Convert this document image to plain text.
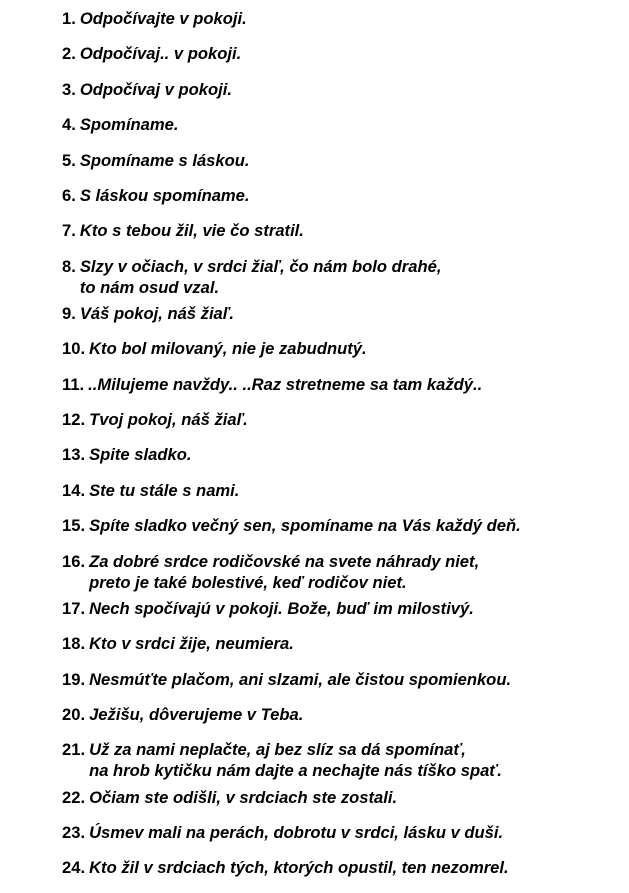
1. Odpočívajte v pokoji.
2. Odpočívaj.. v pokoji.
3. Odpočívaj v pokoji.
4. Spomíname.
5. Spomíname s láskou.
6. S láskou spomíname.
7. Kto s tebou žil, vie čo stratil.
8. Slzy v očiach, v srdci žiaľ, čo nám bolo drahé,
to nám osud vzal.
9. Váš pokoj, náš žiaľ.
10. Kto bol milovaný, nie je zabudnutý.
11. ..Milujeme navždy.. ..Raz stretneme sa tam každý..
12. Tvoj pokoj, náš žiaľ.
13. Spite sladko.
14. Ste tu stále s nami.
15. Spíte sladko večný sen, spomíname na Vás každý deň.
16. Za dobré srdce rodičovské na svete náhrady niet,
preto je také bolestivé, keď rodičov niet.
17. Nech spočívajú v pokoji. Bože, buď im milostivý.
18. Kto v srdci žije, neumiera.
19. Nesmúťte plačom, ani slzami, ale čistou spomienkou.
20. Ježišu, dôverujeme v Teba.
21. Už za nami neplačte, aj bez slíz sa dá spomínať,
na hrob kytičku nám dajte a nechajte nás tíško spať.
22. Očiam ste odišli, v srdciach ste zostali.
23. Úsmev mali na perách, dobrotu v srdci, lásku v duši.
24. Kto žil v srdciach tých, ktorých opustil, ten nezomrel.
